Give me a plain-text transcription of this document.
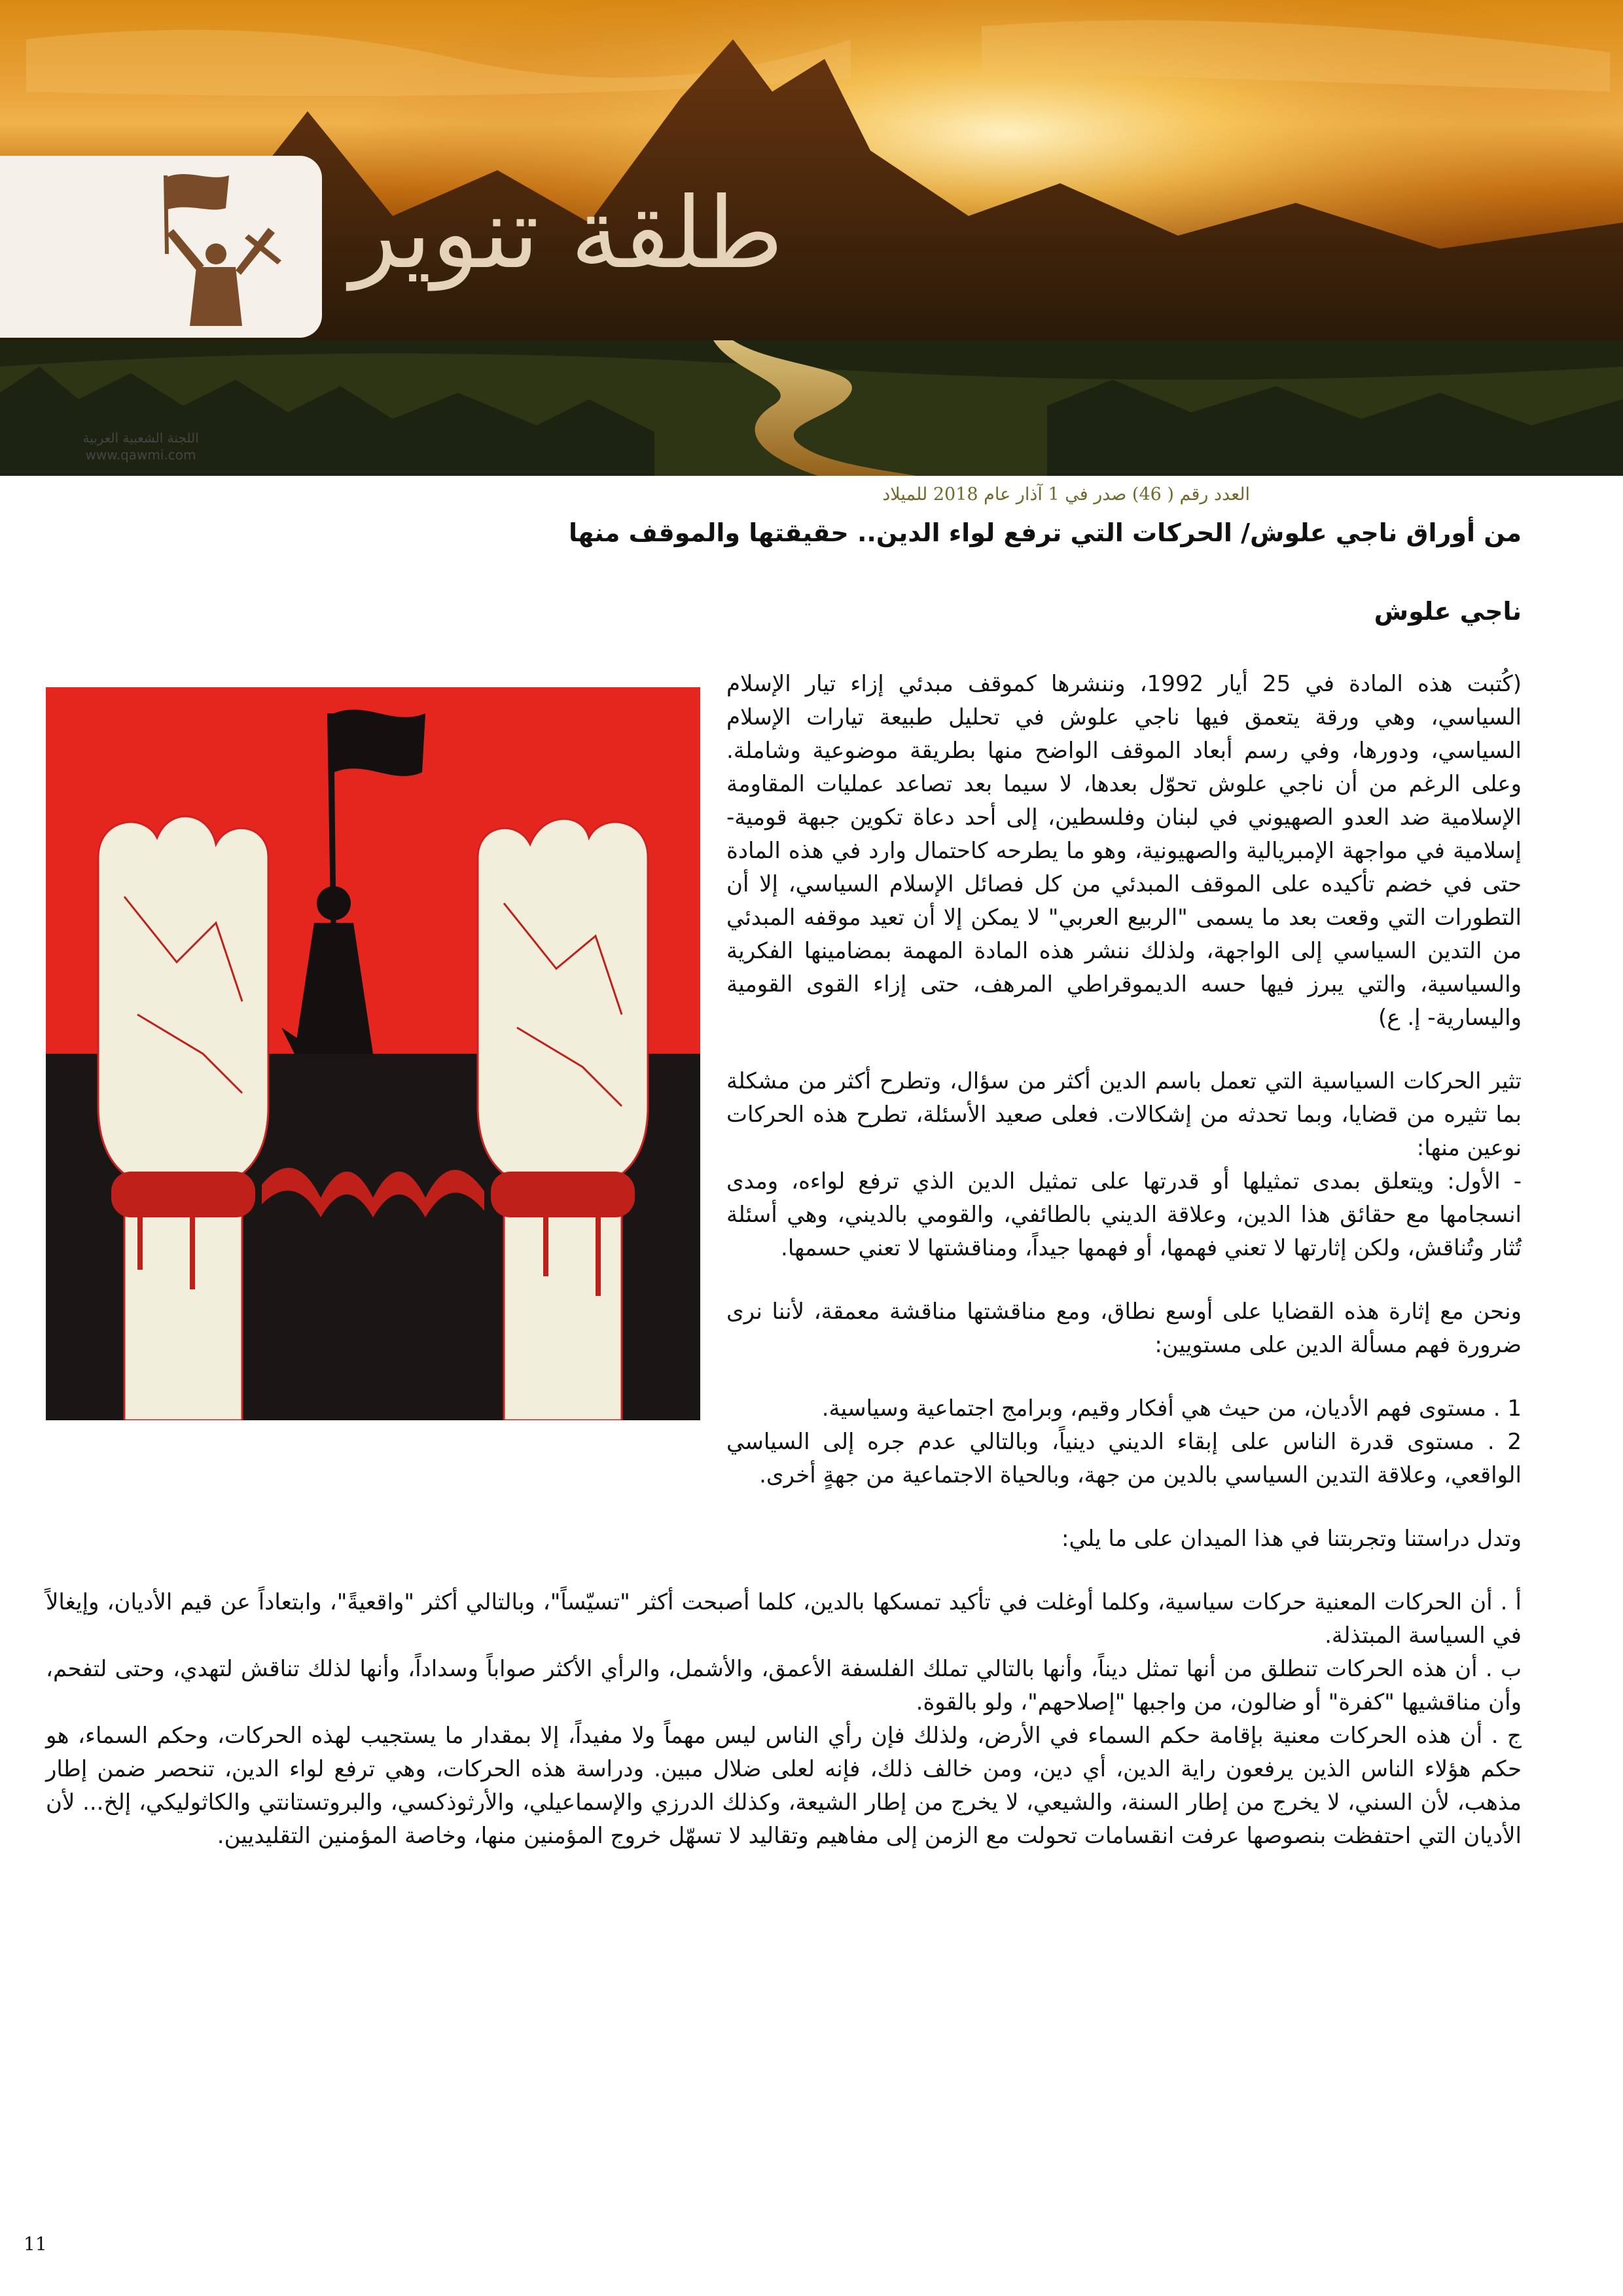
اللجنة الشعبية العربية
www.qawmi.com
طلقة تنوير
العدد رقم ( 46) صدر في 1 آذار عام 2018 للميلاد
من أوراق ناجي علوش/ الحركات التي ترفع لواء الدين.. حقيقتها والموقف منها
ناجي علوش

(كُتبت هذه المادة في 25 أيار 1992، وننشرها كموقف مبدئي إزاء تيار الإسلام السياسي، وهي ورقة يتعمق فيها ناجي علوش في تحليل طبيعة تيارات الإسلام السياسي، ودورها، وفي رسم أبعاد الموقف الواضح منها بطريقة موضوعية وشاملة. وعلى الرغم من أن ناجي علوش تحوّل بعدها، لا سيما بعد تصاعد عمليات المقاومة الإسلامية ضد العدو الصهيوني في لبنان وفلسطين، إلى أحد دعاة تكوين جبهة قومية-إسلامية في مواجهة الإمبريالية والصهيونية، وهو ما يطرحه كاحتمال وارد في هذه المادة حتى في خضم تأكيده على الموقف المبدئي من كل فصائل الإسلام السياسي، إلا أن التطورات التي وقعت بعد ما يسمى "الربيع العربي" لا يمكن إلا أن تعيد موقفه المبدئي من التدين السياسي إلى الواجهة، ولذلك ننشر هذه المادة المهمة بمضامينها الفكرية والسياسية، والتي يبرز فيها حسه الديموقراطي المرهف، حتى إزاء القوى القومية واليسارية- إ. ع)

تثير الحركات السياسية التي تعمل باسم الدين أكثر من سؤال، وتطرح أكثر من مشكلة بما تثيره من قضايا، وبما تحدثه من إشكالات. فعلى صعيد الأسئلة، تطرح هذه الحركات نوعين منها:

- الأول: ويتعلق بمدى تمثيلها أو قدرتها على تمثيل الدين الذي ترفع لواءه، ومدى انسجامها مع حقائق هذا الدين، وعلاقة الديني بالطائفي، والقومي بالديني، وهي أسئلة تُثار وتُناقش، ولكن إثارتها لا تعني فهمها، أو فهمها جيداً، ومناقشتها لا تعني حسمها.

ونحن مع إثارة هذه القضايا على أوسع نطاق، ومع مناقشتها مناقشة معمقة، لأننا نرى ضرورة فهم مسألة الدين على مستويين:

1 . مستوى فهم الأديان، من حيث هي أفكار وقيم، وبرامج اجتماعية وسياسية.

2 . مستوى قدرة الناس على إبقاء الديني دينياً، وبالتالي عدم جره إلى السياسي الواقعي، وعلاقة التدين السياسي بالدين من جهة، وبالحياة الاجتماعية من جهةٍ أخرى.

وتدل دراستنا وتجربتنا في هذا الميدان على ما يلي:

أ . أن الحركات المعنية حركات سياسية، وكلما أوغلت في تأكيد تمسكها بالدين، كلما أصبحت أكثر "تسيّساً"، وبالتالي أكثر "واقعيةً"، وابتعاداً عن قيم الأديان، وإيغالاً في السياسة المبتذلة.

ب . أن هذه الحركات تنطلق من أنها تمثل ديناً، وأنها بالتالي تملك الفلسفة الأعمق، والأشمل، والرأي الأكثر صواباً وسداداً، وأنها لذلك تناقش لتهدي، وحتى لتفحم، وأن مناقشيها "كفرة" أو ضالون، من واجبها "إصلاحهم"، ولو بالقوة.

ج . أن هذه الحركات معنية بإقامة حكم السماء في الأرض، ولذلك فإن رأي الناس ليس مهماً ولا مفيداً، إلا بمقدار ما يستجيب لهذه الحركات، وحكم السماء، هو حكم هؤلاء الناس الذين يرفعون راية الدين، أي دين، ومن خالف ذلك، فإنه لعلى ضلال مبين. ودراسة هذه الحركات، وهي ترفع لواء الدين، تنحصر ضمن إطار مذهب، لأن السني، لا يخرج من إطار السنة، والشيعي، لا يخرج من إطار الشيعة، وكذلك الدرزي والإسماعيلي، والأرثوذكسي، والبروتستانتي والكاثوليكي، إلخ... لأن الأديان التي احتفظت بنصوصها عرفت انقسامات تحولت مع الزمن إلى مفاهيم وتقاليد لا تسهّل خروج المؤمنين منها، وخاصة المؤمنين التقليديين.

11
